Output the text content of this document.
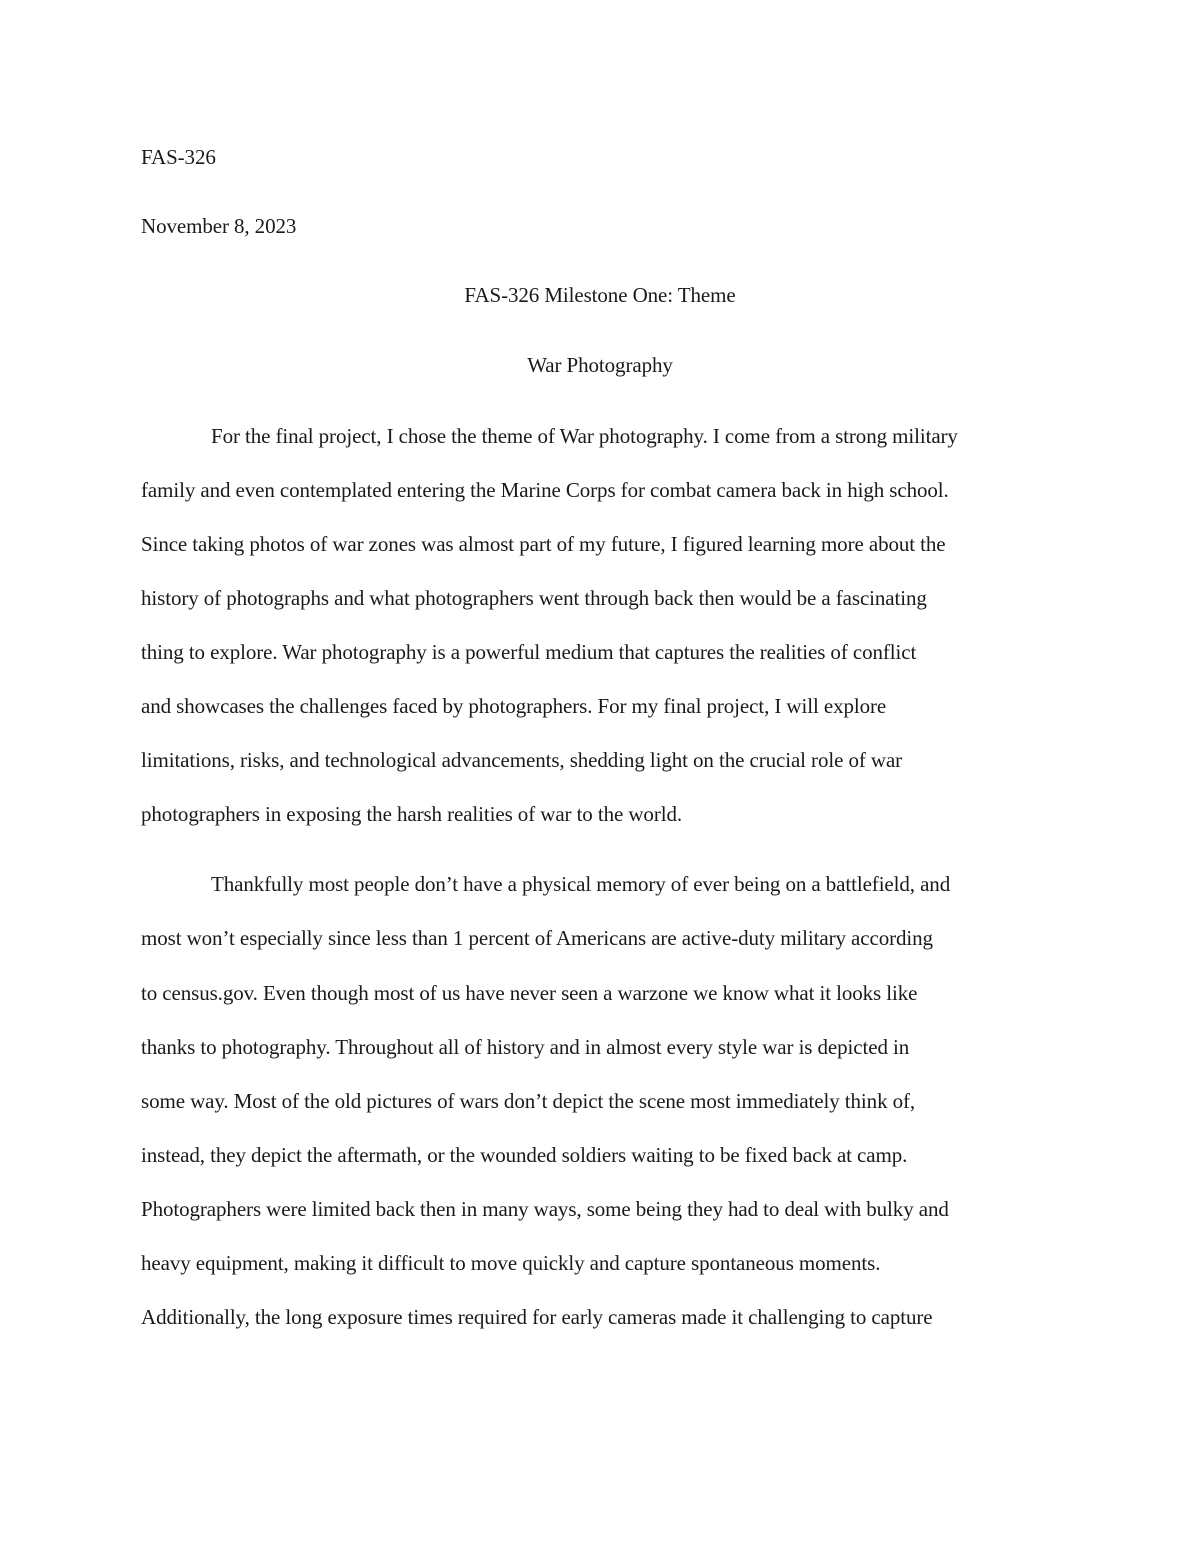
FAS-326
November 8, 2023
FAS-326 Milestone One: Theme
War Photography
For the final project, I chose the theme of War photography. I come from a strong military
family and even contemplated entering the Marine Corps for combat camera back in high school.
Since taking photos of war zones was almost part of my future, I figured learning more about the
history of photographs and what photographers went through back then would be a fascinating
thing to explore. War photography is a powerful medium that captures the realities of conflict
and showcases the challenges faced by photographers. For my final project, I will explore
limitations, risks, and technological advancements, shedding light on the crucial role of war
photographers in exposing the harsh realities of war to the world.
Thankfully most people don’t have a physical memory of ever being on a battlefield, and
most won’t especially since less than 1 percent of Americans are active-duty military according
to census.gov. Even though most of us have never seen a warzone we know what it looks like
thanks to photography. Throughout all of history and in almost every style war is depicted in
some way. Most of the old pictures of wars don’t depict the scene most immediately think of,
instead, they depict the aftermath, or the wounded soldiers waiting to be fixed back at camp.
Photographers were limited back then in many ways, some being they had to deal with bulky and
heavy equipment, making it difficult to move quickly and capture spontaneous moments.
Additionally, the long exposure times required for early cameras made it challenging to capture
